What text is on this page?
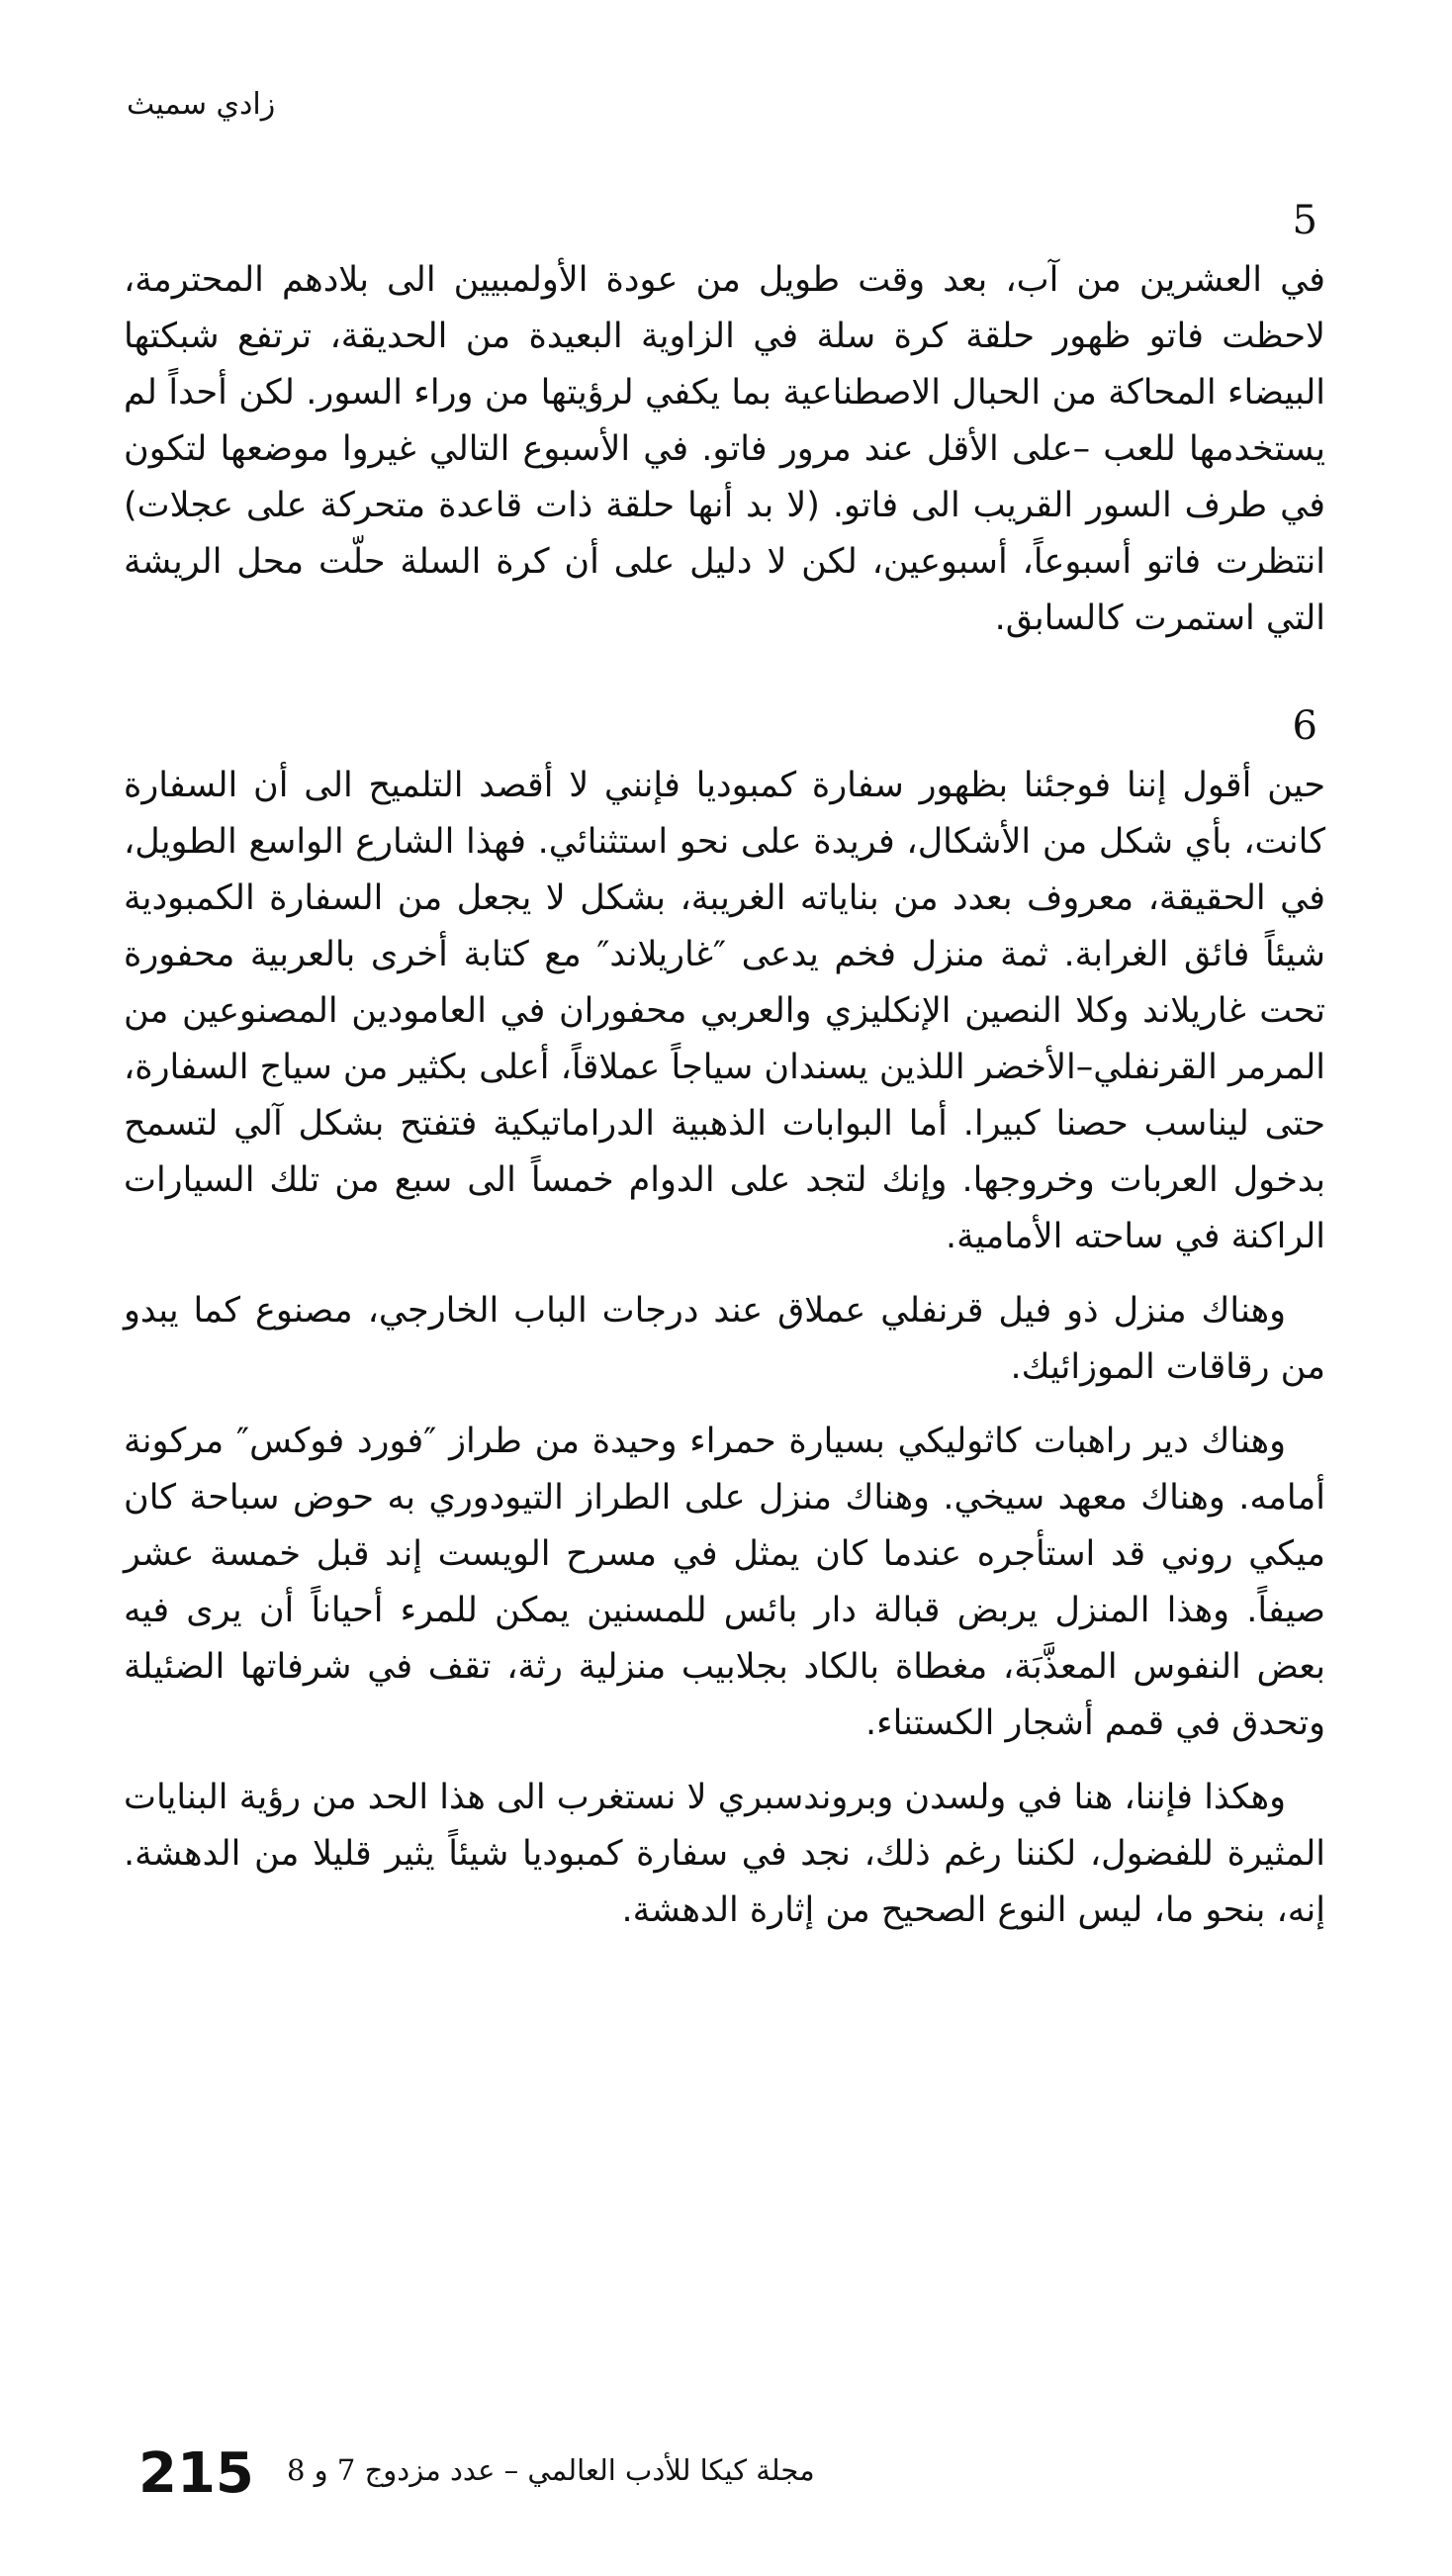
زادي سميث
5

في العشرين من آب، بعد وقت طويل من عودة الأولمبيين الى بلادهم المحترمة، لاحظت فاتو ظهور حلقة كرة سلة في الزاوية البعيدة من الحديقة، ترتفع شبكتها البيضاء المحاكة من الحبال الاصطناعية بما يكفي لرؤيتها من وراء السور. لكن أحداً لم يستخدمها للعب –على الأقل عند مرور فاتو. في الأسبوع التالي غيروا موضعها لتكون في طرف السور القريب الى فاتو. (لا بد أنها حلقة ذات قاعدة متحركة على عجلات) انتظرت فاتو أسبوعاً، أسبوعين، لكن لا دليل على أن كرة السلة حلّت محل الريشة التي استمرت كالسابق.

6

حين أقول إننا فوجئنا بظهور سفارة كمبوديا فإنني لا أقصد التلميح الى أن السفارة كانت، بأي شكل من الأشكال، فريدة على نحو استثنائي. فهذا الشارع الواسع الطويل، في الحقيقة، معروف بعدد من بناياته الغريبة، بشكل لا يجعل من السفارة الكمبودية شيئاً فائق الغرابة. ثمة منزل فخم يدعى ″غاريلاند″ مع كتابة أخرى بالعربية محفورة تحت غاريلاند وكلا النصين الإنكليزي والعربي محفوران في العامودين المصنوعين من المرمر القرنفلي–الأخضر اللذين يسندان سياجاً عملاقاً، أعلى بكثير من سياج السفارة، حتى ليناسب حصنا كبيرا. أما البوابات الذهبية الدراماتيكية فتفتح بشكل آلي لتسمح بدخول العربات وخروجها. وإنك لتجد على الدوام خمساً الى سبع من تلك السيارات الراكنة في ساحته الأمامية.

وهناك منزل ذو فيل قرنفلي عملاق عند درجات الباب الخارجي، مصنوع كما يبدو من رقاقات الموزائيك.

وهناك دير راهبات كاثوليكي بسيارة حمراء وحيدة من طراز ″فورد فوكس″ مركونة أمامه. وهناك معهد سيخي. وهناك منزل على الطراز التيودوري به حوض سباحة كان ميكي روني قد استأجره عندما كان يمثل في مسرح الويست إند قبل خمسة عشر صيفاً. وهذا المنزل يربض قبالة دار بائس للمسنين يمكن للمرء أحياناً أن يرى فيه بعض النفوس المعذَّبَة، مغطاة بالكاد بجلابيب منزلية رثة، تقف في شرفاتها الضئيلة وتحدق في قمم أشجار الكستناء.

وهكذا فإننا، هنا في ولسدن وبروندسبري لا نستغرب الى هذا الحد من رؤية البنايات المثيرة للفضول، لكننا رغم ذلك، نجد في سفارة كمبوديا شيئاً يثير قليلا من الدهشة. إنه، بنحو ما، ليس النوع الصحيح من إثارة الدهشة.

215 مجلة كيكا للأدب العالمي – عدد مزدوج 7 و 8
